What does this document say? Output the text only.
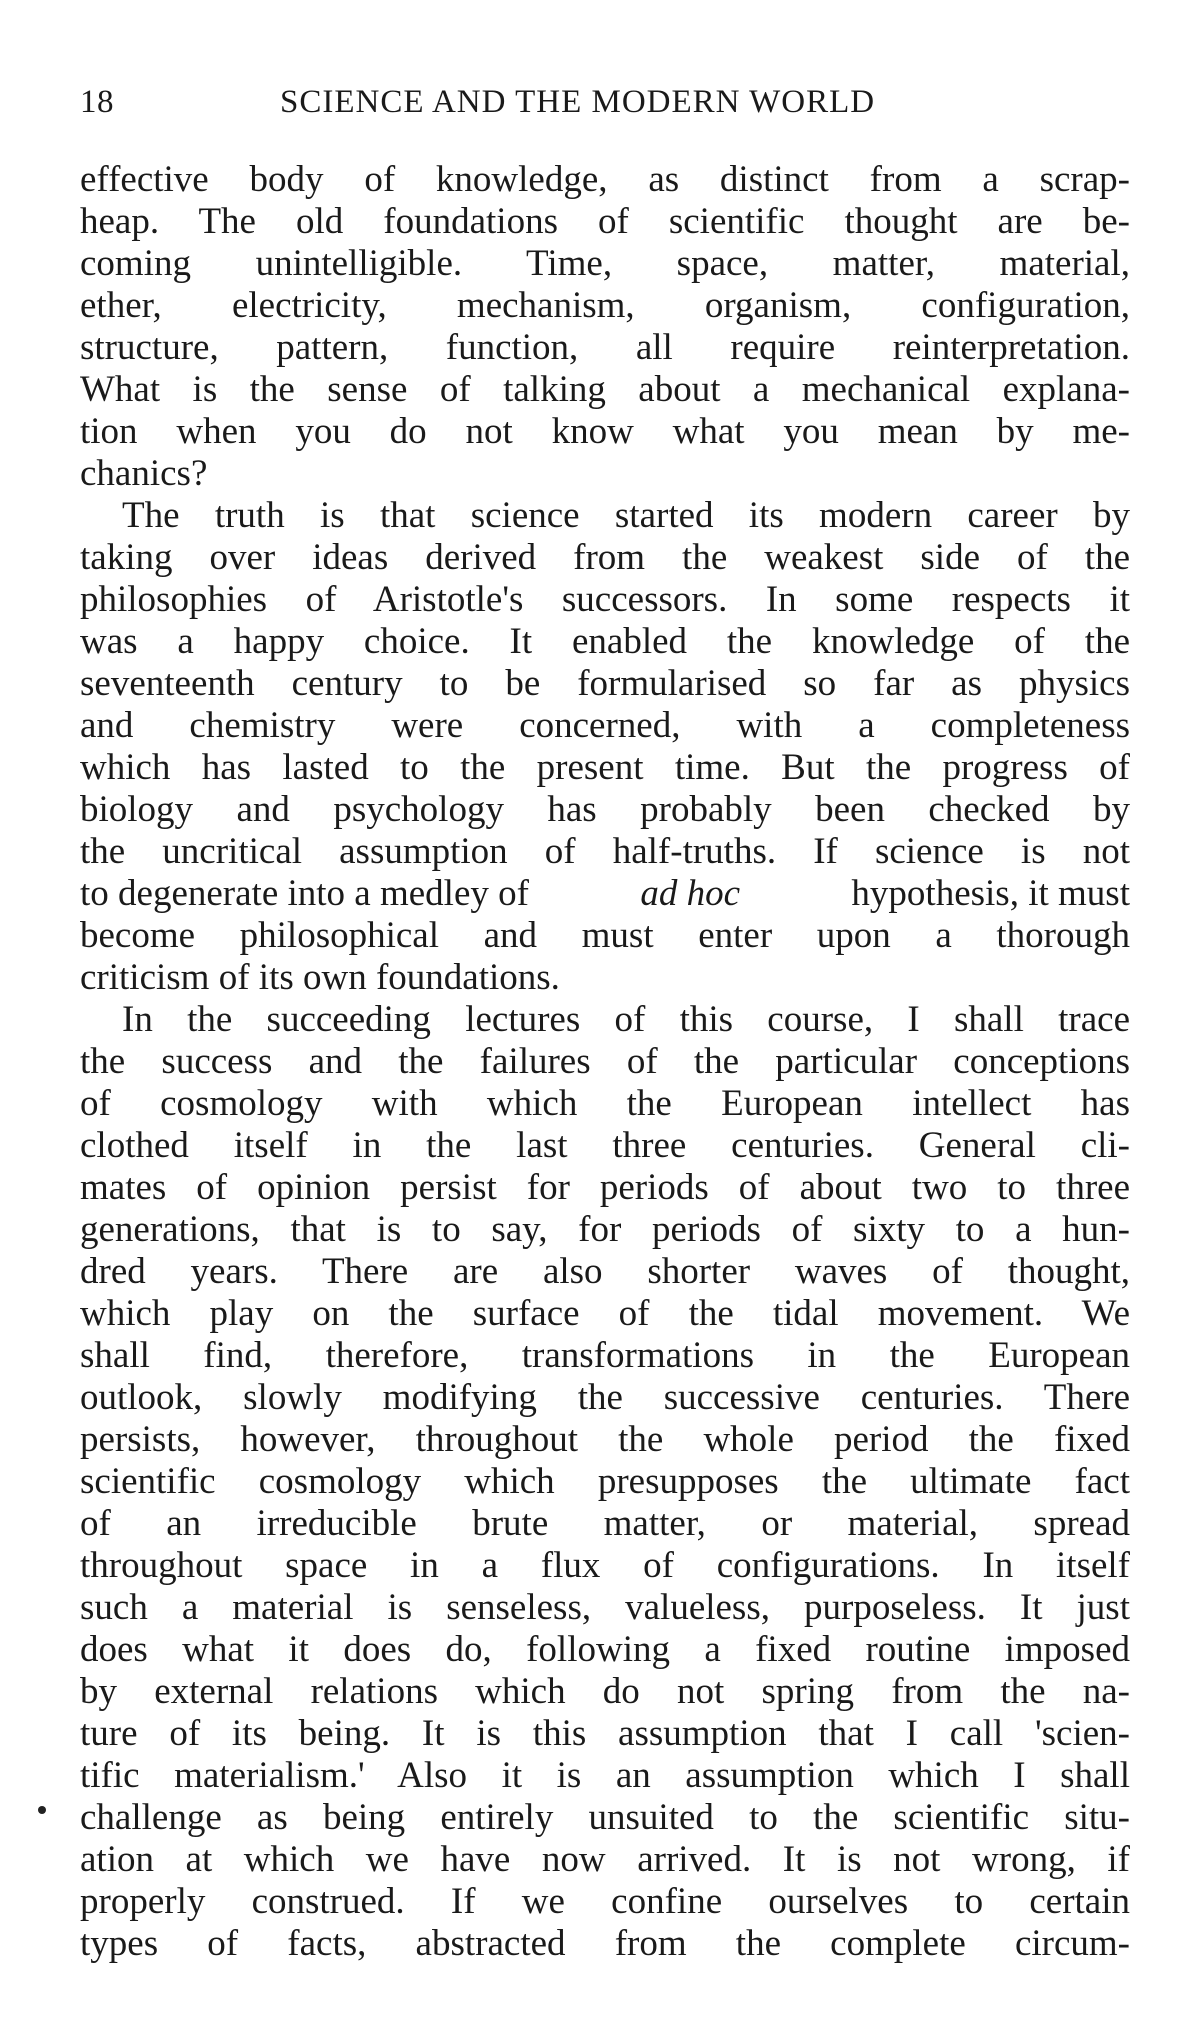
18	SCIENCE AND THE MODERN WORLD
effective body of knowledge, as distinct from a scrap-
heap. The old foundations of scientific thought are be-
coming unintelligible. Time, space, matter, material,
ether, electricity, mechanism, organism, configuration,
structure, pattern, function, all require reinterpretation.
What is the sense of talking about a mechanical explana-
tion when you do not know what you mean by me-
chanics?
The truth is that science started its modern career by
taking over ideas derived from the weakest side of the
philosophies of Aristotle's successors. In some respects it
was a happy choice. It enabled the knowledge of the
seventeenth century to be formularised so far as physics
and chemistry were concerned, with a completeness
which has lasted to the present time. But the progress of
biology and psychology has probably been checked by
the uncritical assumption of half-truths. If science is not
to degenerate into a medley of	ad hoc	hypothesis, it must
become philosophical and must enter upon a thorough
criticism of its own foundations.
In the succeeding lectures of this course, I shall trace
the success and the failures of the particular conceptions
of cosmology with which the European intellect has
clothed itself in the last three centuries. General cli-
mates of opinion persist for periods of about two to three
generations, that is to say, for periods of sixty to a hun-
dred years. There are also shorter waves of thought,
which play on the surface of the tidal movement. We
shall find, therefore, transformations in the European
outlook, slowly modifying the successive centuries. There
persists, however, throughout the whole period the fixed
scientific cosmology which presupposes the ultimate fact
of an irreducible brute matter, or material, spread
throughout space in a flux of configurations. In itself
such a material is senseless, valueless, purposeless. It just
does what it does do, following a fixed routine imposed
by external relations which do not spring from the na-
ture of its being. It is this assumption that I call 'scien-
tific materialism.' Also it is an assumption which I shall
challenge as being entirely unsuited to the scientific situ-
ation at which we have now arrived. It is not wrong, if
properly construed. If we confine ourselves to certain
types of facts, abstracted from the complete circum-
